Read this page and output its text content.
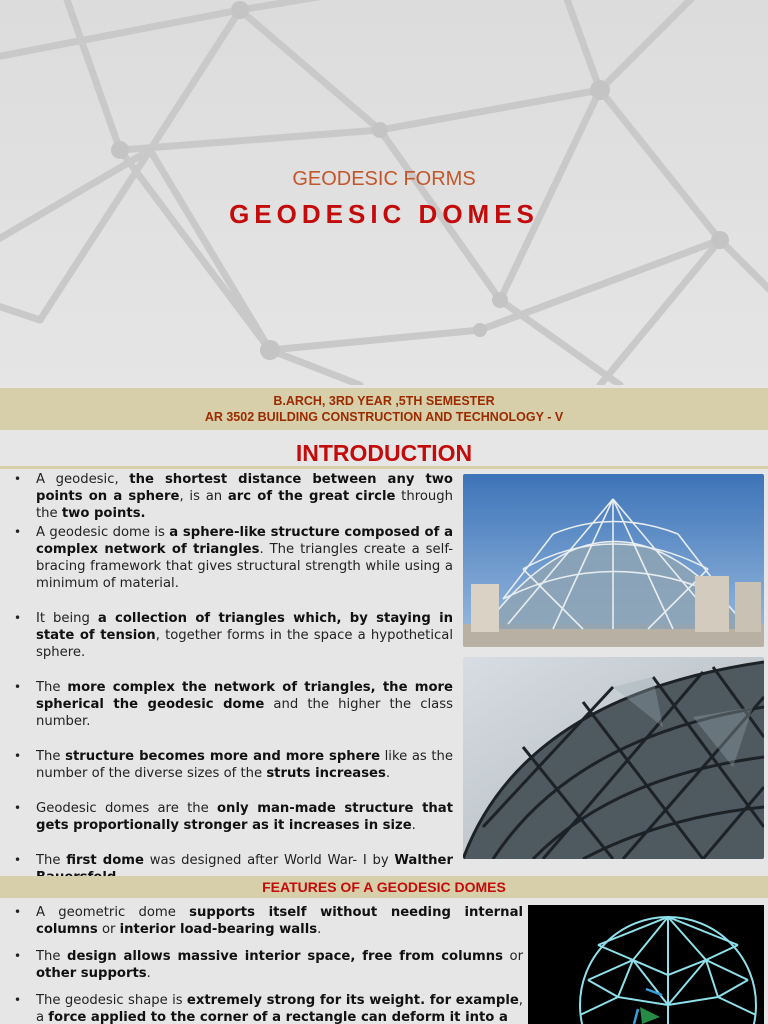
GEODESIC FORMS
GEODESIC DOMES
B.ARCH, 3RD YEAR ,5TH SEMESTER
AR 3502 BUILDING CONSTRUCTION AND TECHNOLOGY - V
INTRODUCTION
• A geodesic, the shortest distance between any two points on a sphere, is an arc of the great circle through the two points.
• A geodesic dome is a sphere-like structure composed of a complex network of triangles. The triangles create a self-bracing framework that gives structural strength while using a minimum of material.
• It being a collection of triangles which, by staying in state of tension, together forms in the space a hypothetical sphere.
• The more complex the network of triangles, the more spherical the geodesic dome and the higher the class number.
• The structure becomes more and more sphere like as the number of the diverse sizes of the struts increases.
• Geodesic domes are the only man-made structure that gets proportionally stronger as it increases in size.
• The first dome was designed after World War- I by Walther
FEATURES OF A GEODESIC DOMES
• A geometric dome supports itself without needing internal columns or interior load-bearing walls.
• The design allows massive interior space, free from columns or other supports.
• The geodesic shape is extremely strong for its weight. for example, a force applied to the corner of a rectangle can deform it into a
